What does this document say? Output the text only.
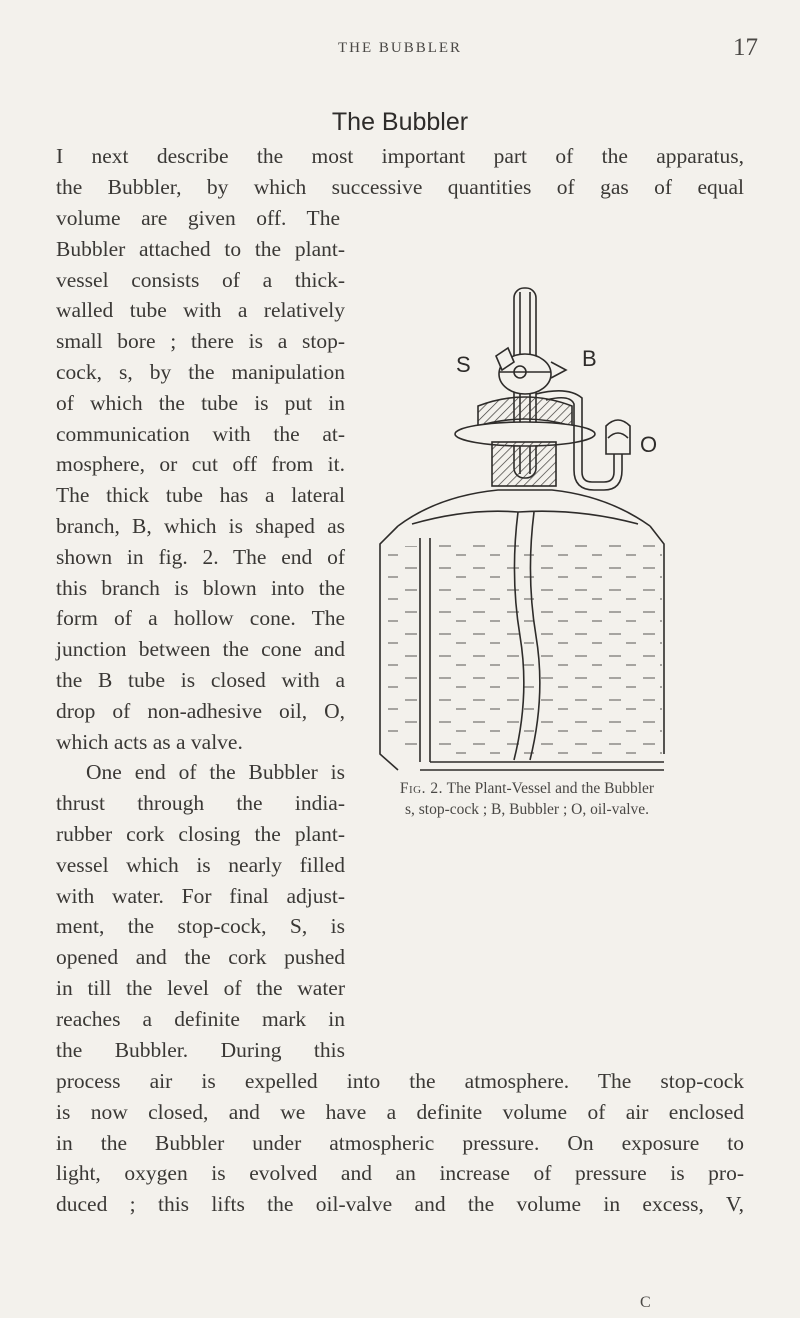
THE BUBBLER	17
The Bubbler
I next describe the most important part of the apparatus,
the Bubbler, by which successive quantities of gas of equal
volume are given off. The
Bubbler attached to the plant-
vessel consists of a thick-
walled tube with a relatively
small bore ; there is a stop-
cock, s, by the manipulation
of which the tube is put in
communication with the at-
mosphere, or cut off from it.
The thick tube has a lateral
branch, B, which is shaped as
shown in fig. 2. The end of
this branch is blown into the
form of a hollow cone. The
junction between the cone and
the B tube is closed with a
drop of non-adhesive oil, O,
which acts as a valve.
One end of the Bubbler is
thrust through the india-
rubber cork closing the plant-
vessel which is nearly filled
with water. For final adjust-
ment, the stop-cock, S, is
opened and the cork pushed
in till the level of the water
reaches a definite mark in
the Bubbler. During this
process air is expelled into the atmosphere. The stop-cock
is now closed, and we have a definite volume of air enclosed
in the Bubbler under atmospheric pressure. On exposure to
light, oxygen is evolved and an increase of pressure is pro-
duced ; this lifts the oil-valve and the volume in excess, V,
S	B
O
Fig. 2. The Plant-Vessel and the Bubbler
s, stop-cock ; B, Bubbler ; O, oil-valve.
C
